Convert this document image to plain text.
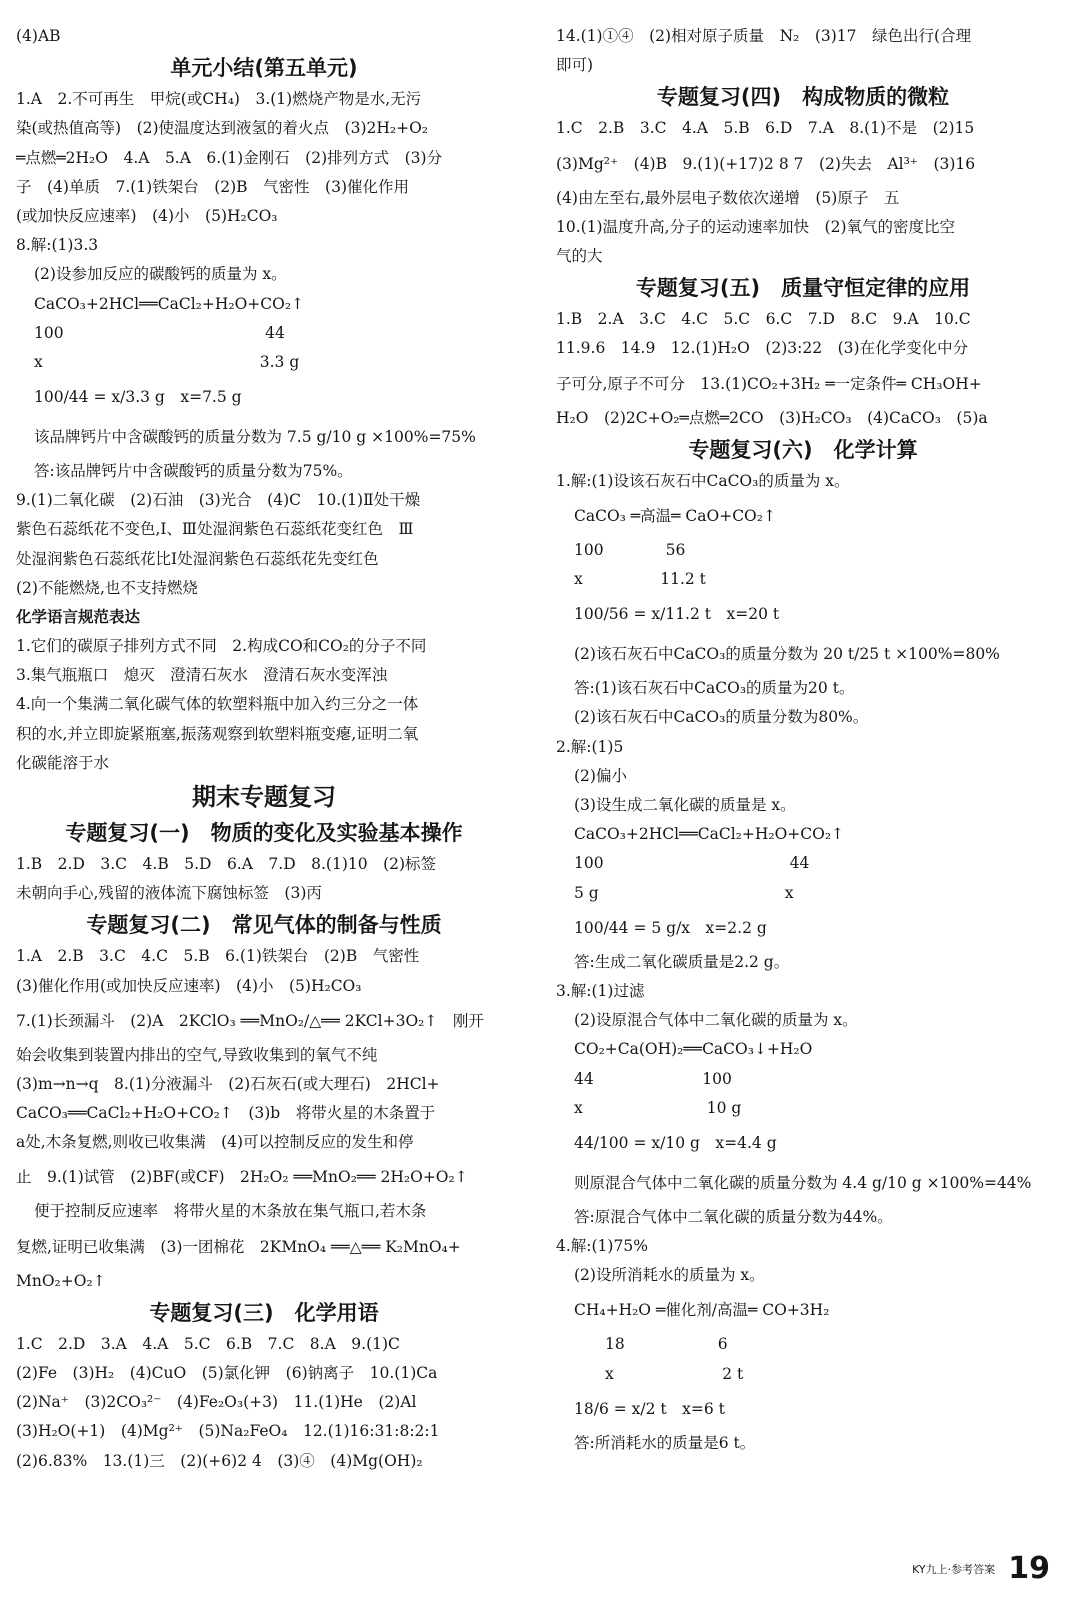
(4)AB
单元小结(第五单元)
1.A　2.不可再生　甲烷(或CH₄)　3.(1)燃烧产物是水,无污
染(或热值高等)　(2)使温度达到液氢的着火点　(3)2H₂+O₂
═点燃═2H₂O　4.A　5.A　6.(1)金刚石　(2)排列方式　(3)分
子　(4)单质　7.(1)铁架台　(2)B　气密性　(3)催化作用
(或加快反应速率)　(4)小　(5)H₂CO₃
8.解:(1)3.3
(2)设参加反应的碳酸钙的质量为 x。
CaCO₃+2HCl══CaCl₂+H₂O+CO₂↑
100　　　　　　　　　　　　　44
x　　　　　　　　　　　　　　3.3 g
100/44 = x/3.3 g　x=7.5 g
该品牌钙片中含碳酸钙的质量分数为 7.5 g/10 g ×100%=75%
答:该品牌钙片中含碳酸钙的质量分数为75%。
9.(1)二氧化碳　(2)石油　(3)光合　(4)C　10.(1)Ⅱ处干燥
紫色石蕊纸花不变色,Ⅰ、Ⅲ处湿润紫色石蕊纸花变红色　Ⅲ
处湿润紫色石蕊纸花比Ⅰ处湿润紫色石蕊纸花先变红色
(2)不能燃烧,也不支持燃烧
化学语言规范表达
1.它们的碳原子排列方式不同　2.构成CO和CO₂的分子不同
3.集气瓶瓶口　熄灭　澄清石灰水　澄清石灰水变浑浊
4.向一个集满二氧化碳气体的软塑料瓶中加入约三分之一体
积的水,并立即旋紧瓶塞,振荡观察到软塑料瓶变瘪,证明二氧
化碳能溶于水
期末专题复习
专题复习(一)　物质的变化及实验基本操作
1.B　2.D　3.C　4.B　5.D　6.A　7.D　8.(1)10　(2)标签
未朝向手心,残留的液体流下腐蚀标签　(3)丙
专题复习(二)　常见气体的制备与性质
1.A　2.B　3.C　4.C　5.B　6.(1)铁架台　(2)B　气密性
(3)催化作用(或加快反应速率)　(4)小　(5)H₂CO₃
7.(1)长颈漏斗　(2)A　2KClO₃ ══MnO₂/△══ 2KCl+3O₂↑　刚开
始会收集到装置内排出的空气,导致收集到的氧气不纯
(3)m→n→q　8.(1)分液漏斗　(2)石灰石(或大理石)　2HCl+
CaCO₃══CaCl₂+H₂O+CO₂↑　(3)b　将带火星的木条置于
a处,木条复燃,则收已收集满　(4)可以控制反应的发生和停
止　9.(1)试管　(2)BF(或CF)　2H₂O₂ ══MnO₂══ 2H₂O+O₂↑
便于控制反应速率　将带火星的木条放在集气瓶口,若木条
复燃,证明已收集满　(3)一团棉花　2KMnO₄ ══△══ K₂MnO₄+
MnO₂+O₂↑
专题复习(三)　化学用语
1.C　2.D　3.A　4.A　5.C　6.B　7.C　8.A　9.(1)C
(2)Fe　(3)H₂　(4)CuO　(5)氯化钾　(6)钠离子　10.(1)Ca
(2)Na⁺　(3)2CO₃²⁻　(4)Fe₂O₃(+3)　11.(1)He　(2)Al
(3)H₂O(+1)　(4)Mg²⁺　(5)Na₂FeO₄　12.(1)16:31:8:2:1
(2)6.83%　13.(1)三　(2)(+6)2 4　(3)④　(4)Mg(OH)₂
14.(1)①④　(2)相对原子质量　N₂　(3)17　绿色出行(合理
即可)
专题复习(四)　构成物质的微粒
1.C　2.B　3.C　4.A　5.B　6.D　7.A　8.(1)不是　(2)15
(3)Mg²⁺　(4)B　9.(1)(+17)2 8 7　(2)失去　Al³⁺　(3)16
(4)由左至右,最外层电子数依次递增　(5)原子　五
10.(1)温度升高,分子的运动速率加快　(2)氧气的密度比空
气的大
专题复习(五)　质量守恒定律的应用
1.B　2.A　3.C　4.C　5.C　6.C　7.D　8.C　9.A　10.C
11.9.6　14.9　12.(1)H₂O　(2)3:22　(3)在化学变化中分
子可分,原子不可分　13.(1)CO₂+3H₂ ═一定条件═ CH₃OH+
H₂O　(2)2C+O₂═点燃═2CO　(3)H₂CO₃　(4)CaCO₃　(5)a
专题复习(六)　化学计算
1.解:(1)设该石灰石中CaCO₃的质量为 x。
CaCO₃ ═高温═ CaO+CO₂↑
100　　　　56
x　　　　　11.2 t
100/56 = x/11.2 t　x=20 t
(2)该石灰石中CaCO₃的质量分数为 20 t/25 t ×100%=80%
答:(1)该石灰石中CaCO₃的质量为20 t。
(2)该石灰石中CaCO₃的质量分数为80%。
2.解:(1)5
(2)偏小
(3)设生成二氧化碳的质量是 x。
CaCO₃+2HCl══CaCl₂+H₂O+CO₂↑
100　　　　　　　　　　　　44
5 g　　　　　　　　　　　　x
100/44 = 5 g/x　x=2.2 g
答:生成二氧化碳质量是2.2 g。
3.解:(1)过滤
(2)设原混合气体中二氧化碳的质量为 x。
CO₂+Ca(OH)₂══CaCO₃↓+H₂O
44　　　　　　　100
x　　　　　　　　10 g
44/100 = x/10 g　x=4.4 g
则原混合气体中二氧化碳的质量分数为 4.4 g/10 g ×100%=44%
答:原混合气体中二氧化碳的质量分数为44%。
4.解:(1)75%
(2)设所消耗水的质量为 x。
CH₄+H₂O ═催化剂/高温═ CO+3H₂
　　18　　　　　　6
　　x　　　　　　　2 t
18/6 = x/2 t　x=6 t
答:所消耗水的质量是6 t。
KY九上·参考答案 19
